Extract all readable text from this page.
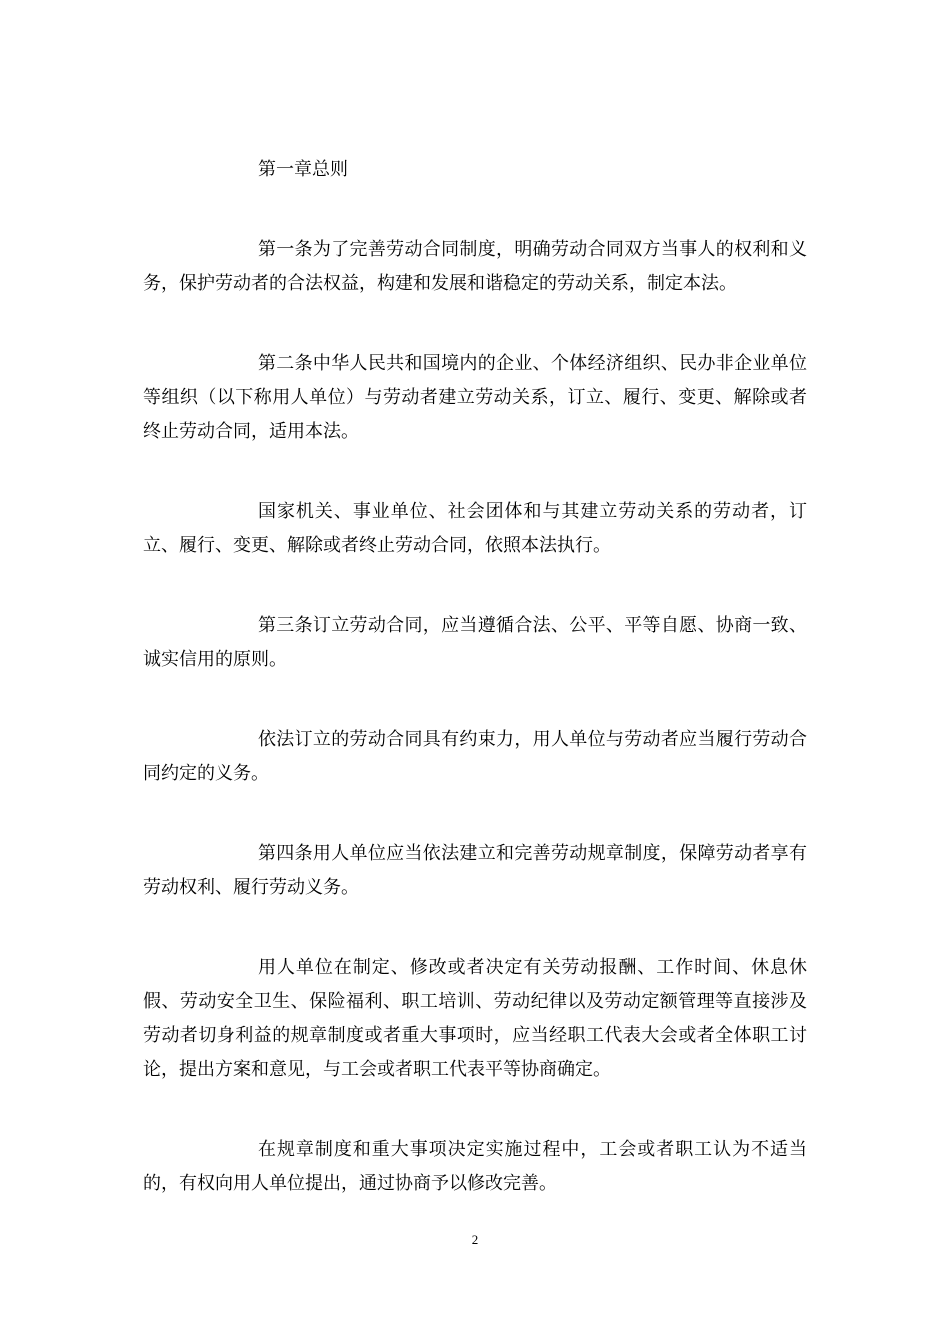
第一章总则

第一条为了完善劳动合同制度，明确劳动合同双方当事人的权利和义务，保护劳动者的合法权益，构建和发展和谐稳定的劳动关系，制定本法。

第二条中华人民共和国境内的企业、个体经济组织、民办非企业单位等组织（以下称用人单位）与劳动者建立劳动关系，订立、履行、变更、解除或者终止劳动合同，适用本法。

国家机关、事业单位、社会团体和与其建立劳动关系的劳动者，订立、履行、变更、解除或者终止劳动合同，依照本法执行。

第三条订立劳动合同，应当遵循合法、公平、平等自愿、协商一致、诚实信用的原则。

依法订立的劳动合同具有约束力，用人单位与劳动者应当履行劳动合同约定的义务。

第四条用人单位应当依法建立和完善劳动规章制度，保障劳动者享有劳动权利、履行劳动义务。

用人单位在制定、修改或者决定有关劳动报酬、工作时间、休息休假、劳动安全卫生、保险福利、职工培训、劳动纪律以及劳动定额管理等直接涉及劳动者切身利益的规章制度或者重大事项时，应当经职工代表大会或者全体职工讨论，提出方案和意见，与工会或者职工代表平等协商确定。

在规章制度和重大事项决定实施过程中，工会或者职工认为不适当的，有权向用人单位提出，通过协商予以修改完善。

2
